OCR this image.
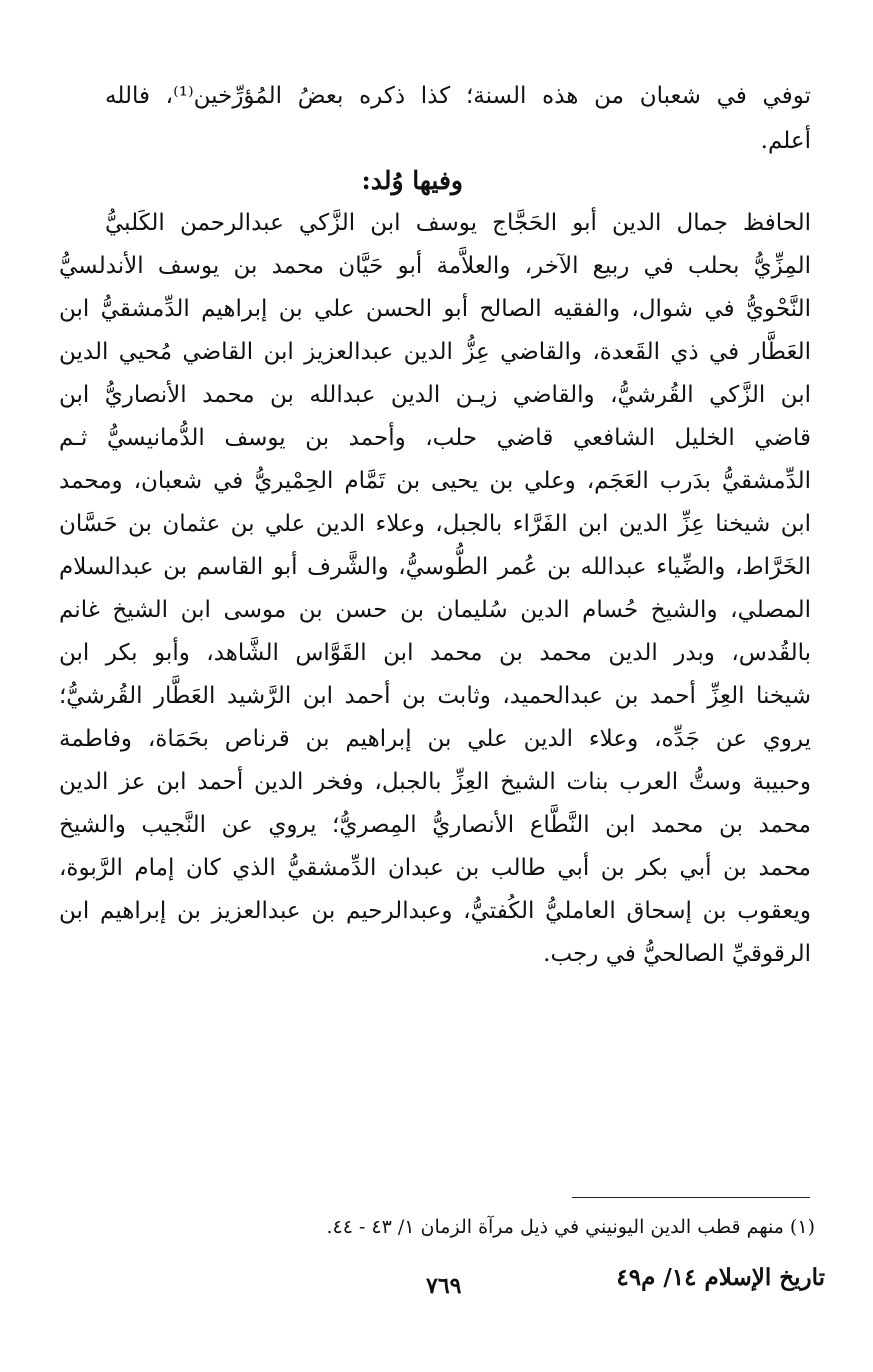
توفي في شعبان من هذه السنة؛ كذا ذكره بعضُ المُؤرِّخين⁽¹⁾، فالله
أعلم.
وفيها وُلد:
الحافظ جمال الدين أبو الحَجَّاج يوسف ابن الزَّكي عبدالرحمن الكَلبيُّ
المِزِّيُّ بحلب في ربيع الآخر، والعلاَّمة أبو حَيَّان محمد بن يوسف الأندلسيُّ
النَّحْويُّ في شوال، والفقيه الصالح أبو الحسن علي بن إبراهيم الدِّمشقيُّ ابن
العَطَّار في ذي القَعدة، والقاضي عِزُّ الدين عبدالعزيز ابن القاضي مُحيي الدين
ابن الزَّكي القُرشيُّ، والقاضي زيـن الدين عبدالله بن محمد الأنصاريُّ ابن
قاضي الخليل الشافعي قاضي حلب، وأحمد بن يوسف الدُّمانيسيُّ ثـم
الدِّمشقيُّ بدَرب العَجَم، وعلي بن يحيى بن تَمَّام الحِمْيريُّ في شعبان، ومحمد
ابن شيخنا عِزِّ الدين ابن الفَرَّاء بالجبل، وعلاء الدين علي بن عثمان بن حَسَّان
الخَرَّاط، والضِّياء عبدالله بن عُمر الطُّوسيُّ، والشَّرف أبو القاسم بن عبدالسلام
المصلي، والشيخ حُسام الدين سُليمان بن حسن بن موسى ابن الشيخ غانم
بالقُدس، وبدر الدين محمد بن محمد ابن القَوَّاس الشَّاهد، وأبو بكر ابن
شيخنا العِزِّ أحمد بن عبدالحميد، وثابت بن أحمد ابن الرَّشيد العَطَّار القُرشيُّ؛
يروي عن جَدِّه، وعلاء الدين علي بن إبراهيم بن قرناص بحَمَاة، وفاطمة
وحبيبة وستُّ العرب بنات الشيخ العِزِّ بالجبل، وفخر الدين أحمد ابن عز الدين
محمد بن محمد ابن النَّطَّاع الأنصاريُّ المِصريُّ؛ يروي عن النَّجيب والشيخ
محمد بن أبي بكر بن أبي طالب بن عبدان الدِّمشقيُّ الذي كان إمام الرَّبوة،
ويعقوب بن إسحاق العامليُّ الكُفتيُّ، وعبدالرحيم بن عبدالعزيز بن إبراهيم ابن
الرقوقيِّ الصالحيُّ في رجب.
(١) منهم قطب الدين اليونيني في ذيل مرآة الزمان ١/ ٤٣ - ٤٤.
تاريخ الإسلام ١٤/ م٤٩
٧٦٩
